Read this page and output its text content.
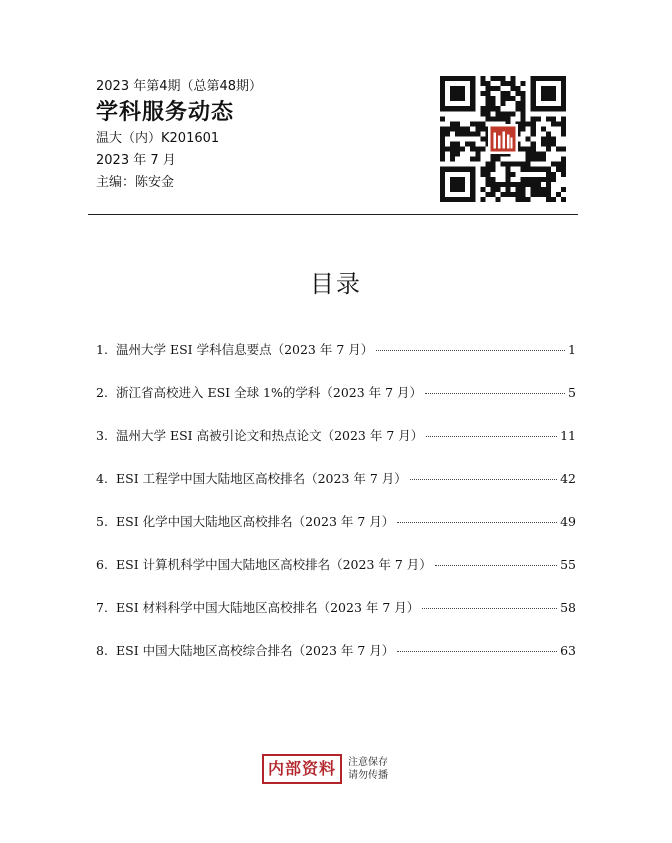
2023 年第4期（总第48期）
学科服务动态
温大（内）K201601
2023 年 7 月
主编：陈安金
目录
1. 温州大学 ESI 学科信息要点（2023 年 7 月）	1
2. 浙江省高校进入 ESI 全球 1%的学科（2023 年 7 月）	5
3. 温州大学 ESI 高被引论文和热点论文（2023 年 7 月）	11
4. ESI 工程学中国大陆地区高校排名（2023 年 7 月）	42
5. ESI 化学中国大陆地区高校排名（2023 年 7 月）	49
6. ESI 计算机科学中国大陆地区高校排名（2023 年 7 月）	55
7. ESI 材料科学中国大陆地区高校排名（2023 年 7 月）	58
8. ESI 中国大陆地区高校综合排名（2023 年 7 月）	63
内部资料	注意保存
请勿传播
